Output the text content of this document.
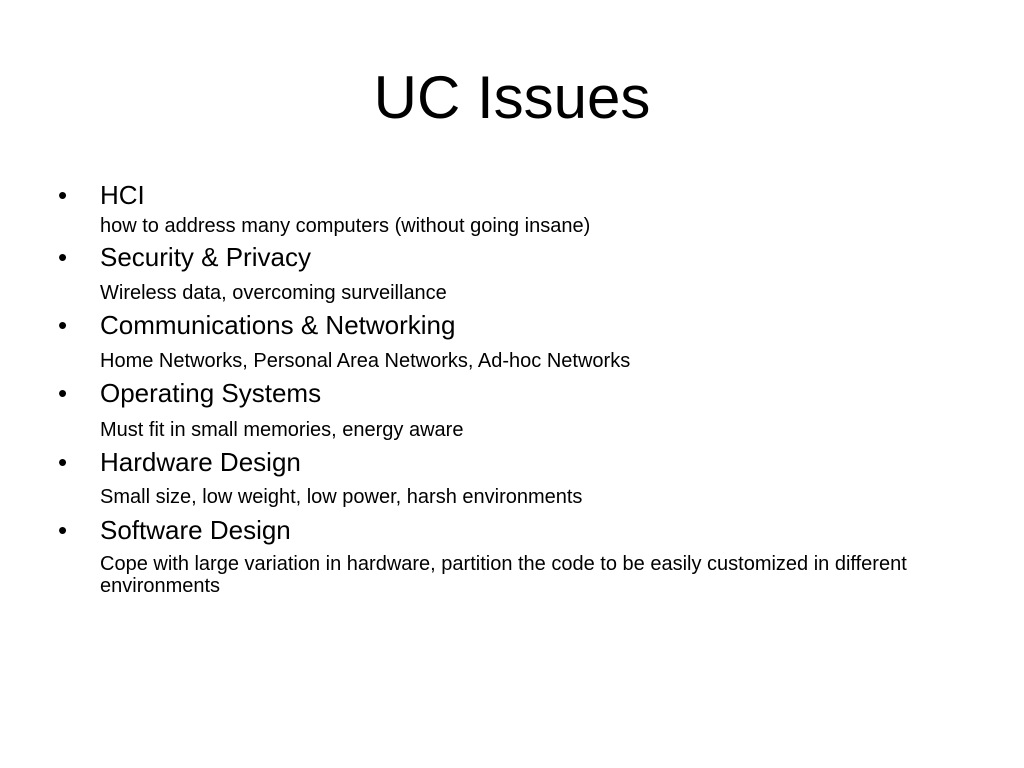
UC Issues
• HCI
how to address many computers (without going insane)
• Security & Privacy
Wireless data, overcoming surveillance
• Communications & Networking
Home Networks, Personal Area Networks, Ad-hoc Networks
• Operating Systems
Must fit in small memories, energy aware
• Hardware Design
Small size, low weight, low power, harsh environments
• Software Design
Cope with large variation in hardware, partition the code to be easily customized in different environments
